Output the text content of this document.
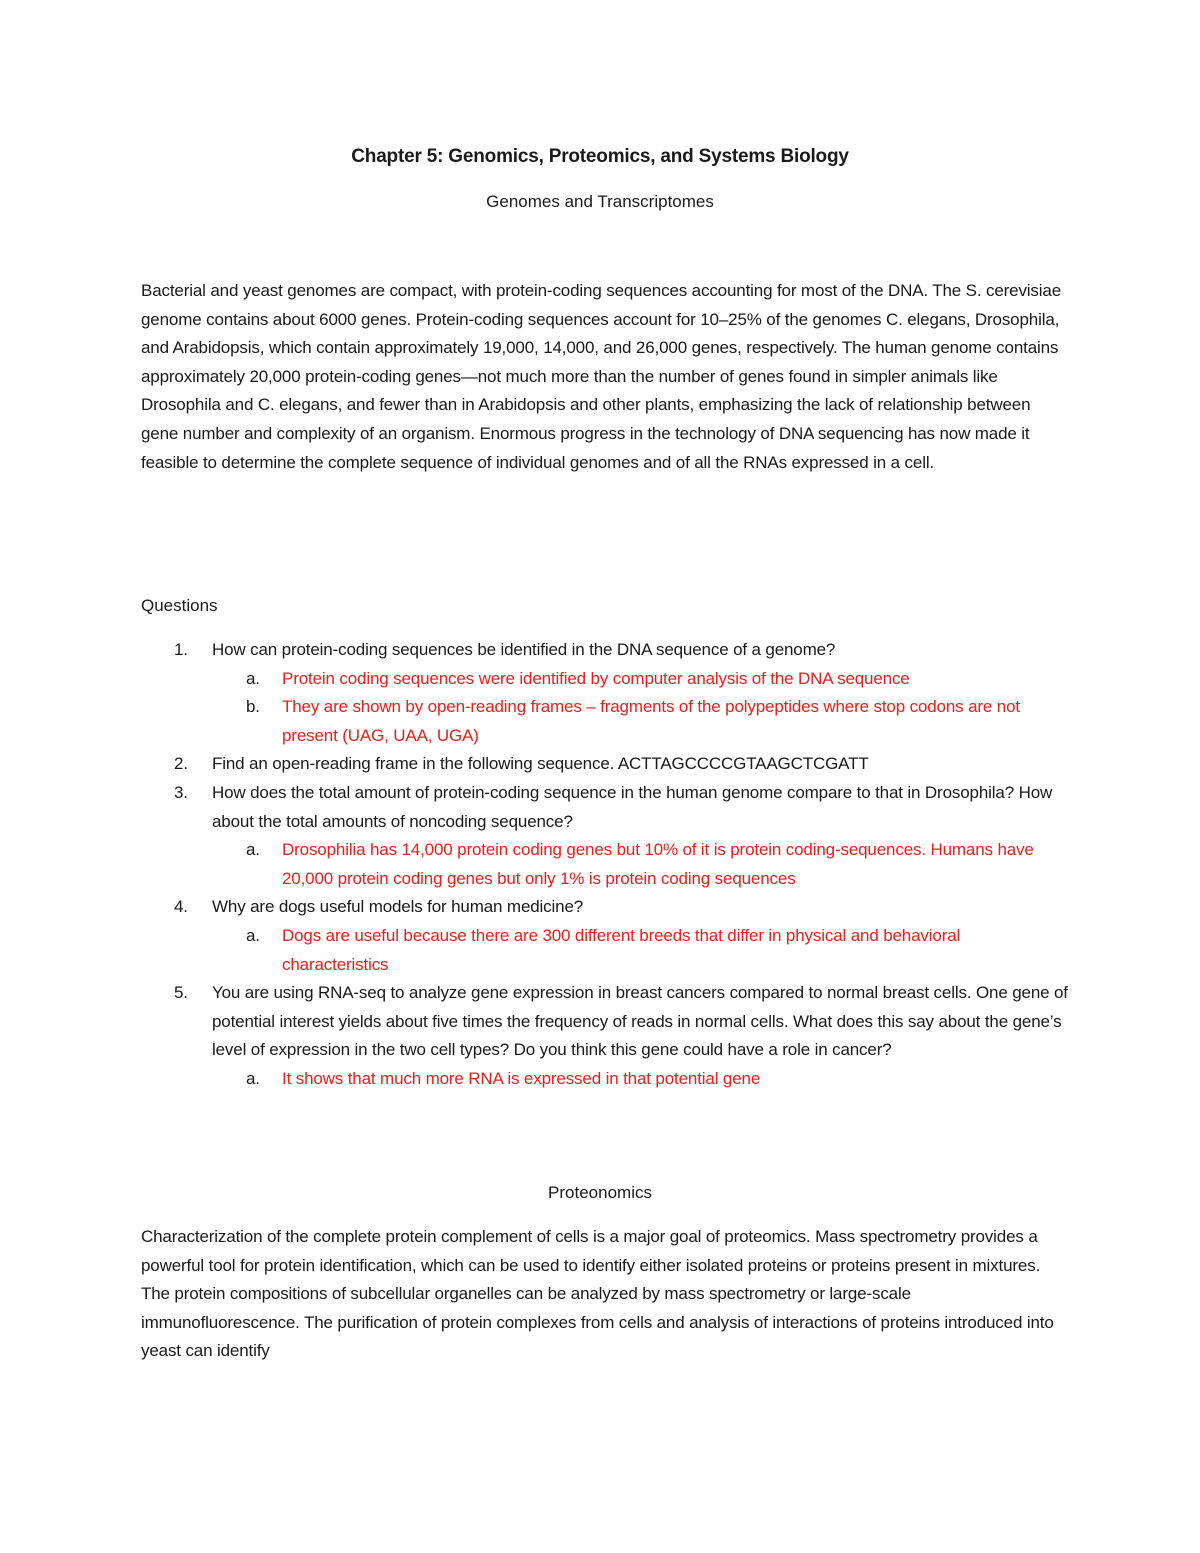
Chapter 5: Genomics, Proteomics, and Systems Biology
Genomes and Transcriptomes

Bacterial and yeast genomes are compact, with protein-coding sequences accounting for most of the DNA. The S. cerevisiae genome contains about 6000 genes. Protein-coding sequences account for 10–25% of the genomes C. elegans, Drosophila, and Arabidopsis, which contain approximately 19,000, 14,000, and 26,000 genes, respectively. The human genome contains approximately 20,000 protein-coding genes—not much more than the number of genes found in simpler animals like Drosophila and C. elegans, and fewer than in Arabidopsis and other plants, emphasizing the lack of relationship between gene number and complexity of an organism. Enormous progress in the technology of DNA sequencing has now made it feasible to determine the complete sequence of individual genomes and of all the RNAs expressed in a cell.

Questions
1.	How can protein-coding sequences be identified in the DNA sequence of a genome?
a.	Protein coding sequences were identified by computer analysis of the DNA sequence
b.	They are shown by open-reading frames – fragments of the polypeptides where stop codons are not present (UAG, UAA, UGA)
2.	Find an open-reading frame in the following sequence. ACTTAGCCCCGTAAGCTCGATT
3.	How does the total amount of protein-coding sequence in the human genome compare to that in Drosophila? How about the total amounts of noncoding sequence?
a.	Drosophilia has 14,000 protein coding genes but 10% of it is protein coding-sequences. Humans have 20,000 protein coding genes but only 1% is protein coding sequences
4.	Why are dogs useful models for human medicine?
a.	Dogs are useful because there are 300 different breeds that differ in physical and behavioral characteristics
5.	You are using RNA-seq to analyze gene expression in breast cancers compared to normal breast cells. One gene of potential interest yields about five times the frequency of reads in normal cells. What does this say about the gene’s level of expression in the two cell types? Do you think this gene could have a role in cancer?
a.	It shows that much more RNA is expressed in that potential gene
Proteonomics

Characterization of the complete protein complement of cells is a major goal of proteomics. Mass spectrometry provides a powerful tool for protein identification, which can be used to identify either isolated proteins or proteins present in mixtures. The protein compositions of subcellular organelles can be analyzed by mass spectrometry or large-scale immunofluorescence. The purification of protein complexes from cells and analysis of interactions of proteins introduced into yeast can identify
